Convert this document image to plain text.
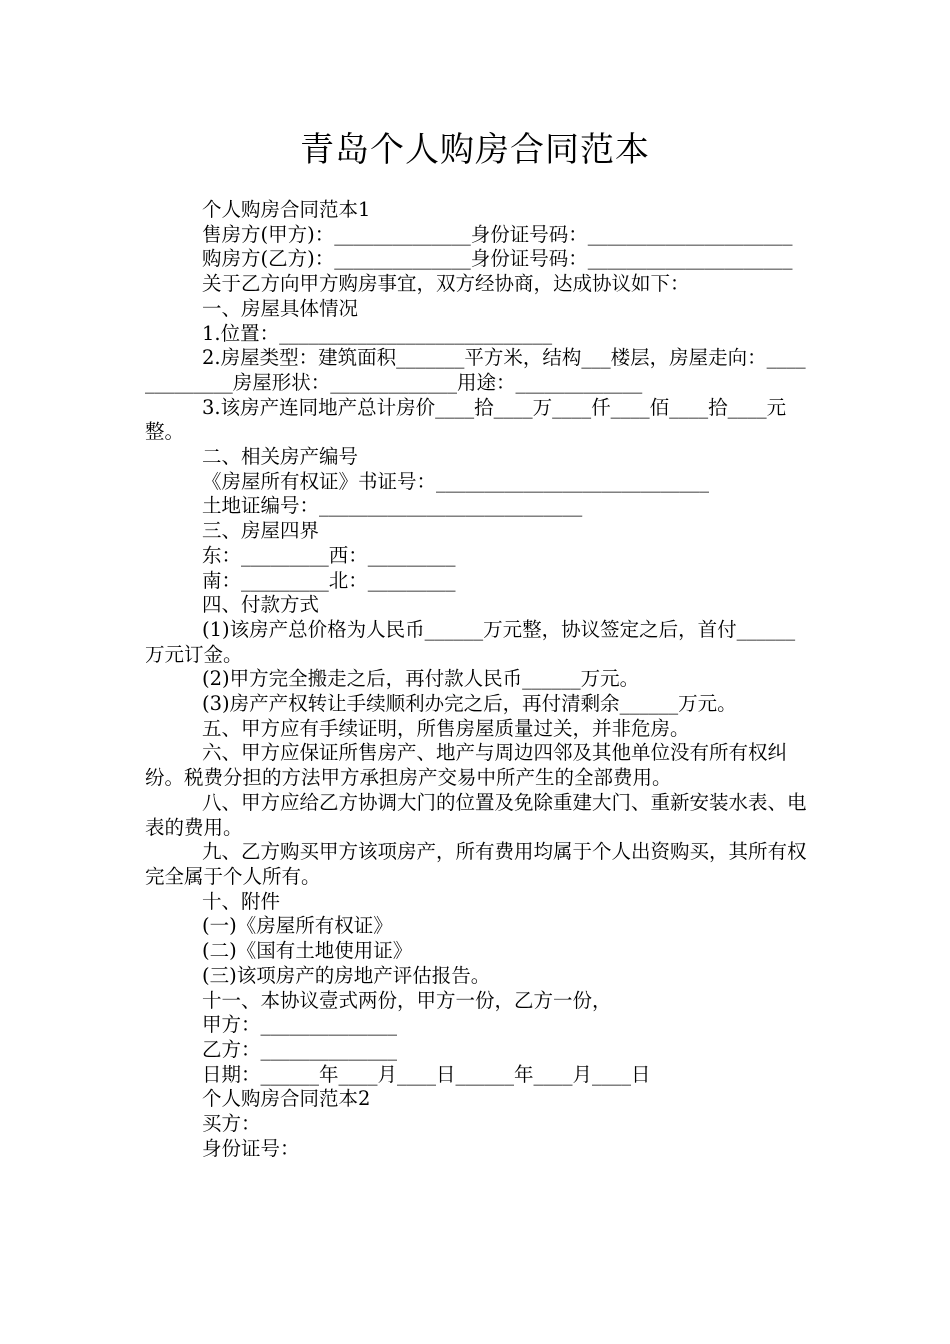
青岛个人购房合同范本

个人购房合同范本1

售房方(甲方)：______________身份证号码：_____________________

购房方(乙方)：______________身份证号码：_____________________

关于乙方向甲方购房事宜，双方经协商，达成协议如下：

一、房屋具体情况

1.位置：____________________________

2.房屋类型：建筑面积_______平方米，结构___楼层，房屋走向：_____________房屋形状：_____________用途：_____________

3.该房产连同地产总计房价____拾____万____仟____佰____拾____元整。

二、相关房产编号

《房屋所有权证》书证号：____________________________

土地证编号：___________________________

三、房屋四界

东：_________西：_________

南：_________北：_________

四、付款方式

(1)该房产总价格为人民币______万元整，协议签定之后，首付______万元订金。

(2)甲方完全搬走之后，再付款人民币______万元。

(3)房产产权转让手续顺利办完之后，再付清剩余______万元。

五、甲方应有手续证明，所售房屋质量过关，并非危房。

六、甲方应保证所售房产、地产与周边四邻及其他单位没有所有权纠纷。税费分担的方法甲方承担房产交易中所产生的全部费用。

八、甲方应给乙方协调大门的位置及免除重建大门、重新安装水表、电表的费用。

九、乙方购买甲方该项房产，所有费用均属于个人出资购买，其所有权完全属于个人所有。

十、附件

(一)《房屋所有权证》

(二)《国有土地使用证》

(三)该项房产的房地产评估报告。

十一、本协议壹式两份，甲方一份，乙方一份，

甲方：______________

乙方：______________

日期：______年____月____日______年____月____日

个人购房合同范本2

买方：

身份证号：
